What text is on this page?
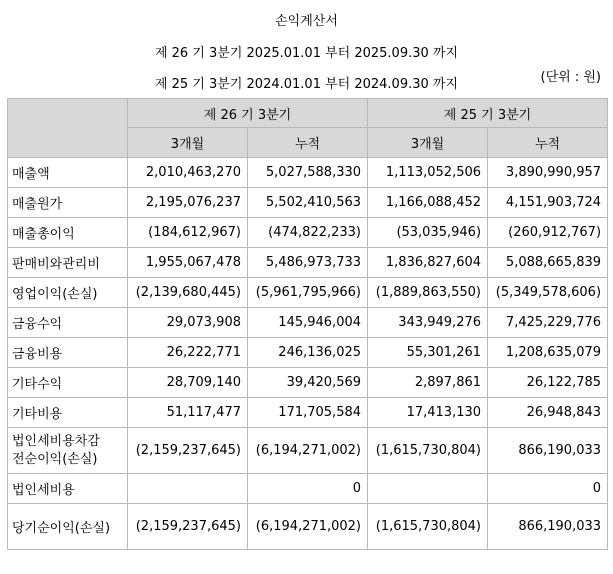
손익계산서
제 26 기 3분기 2025.01.01 부터 2025.09.30 까지
제 25 기 3분기 2024.01.01 부터 2024.09.30 까지	(단위 : 원)
	제 26 기 3분기		제 25 기 3분기	
	3개월	누적	3개월	누적
매출액	2,010,463,270	5,027,588,330	1,113,052,506	3,890,990,957
매출원가	2,195,076,237	5,502,410,563	1,166,088,452	4,151,903,724
매출총이익	(184,612,967)	(474,822,233)	(53,035,946)	(260,912,767)
판매비와관리비	1,955,067,478	5,486,973,733	1,836,827,604	5,088,665,839
영업이익(손실)	(2,139,680,445)	(5,961,795,966)	(1,889,863,550)	(5,349,578,606)
금융수익	29,073,908	145,946,004	343,949,276	7,425,229,776
금융비용	26,222,771	246,136,025	55,301,261	1,208,635,079
기타수익	28,709,140	39,420,569	2,897,861	26,122,785
기타비용	51,117,477	171,705,584	17,413,130	26,948,843

법인세비용차감
전순이익(손실)	(2,159,237,645)	(6,194,271,002)	(1,615,730,804)	866,190,033
법인세비용		0		0
당기순이익(손실)	(2,159,237,645)	(6,194,271,002)	(1,615,730,804)	866,190,033
